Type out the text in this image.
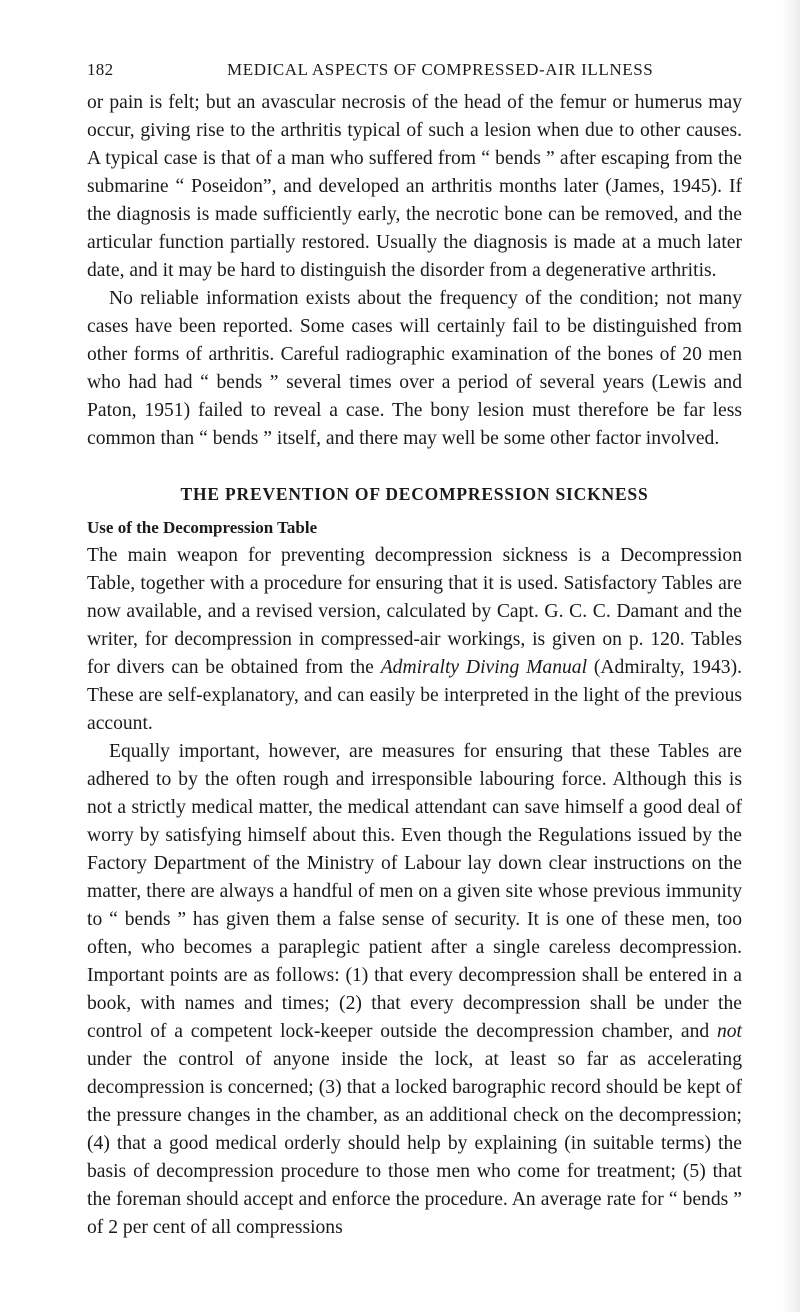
182	MEDICAL ASPECTS OF COMPRESSED-AIR ILLNESS

or pain is felt; but an avascular necrosis of the head of the femur or humerus may occur, giving rise to the arthritis typical of such a lesion when due to other causes. A typical case is that of a man who suffered from “ bends ” after escaping from the submarine “ Poseidon”, and developed an arthritis months later (James, 1945). If the diagnosis is made sufficiently early, the necrotic bone can be removed, and the articular function partially restored. Usually the diagnosis is made at a much later date, and it may be hard to distinguish the disorder from a degenerative arthritis.

No reliable information exists about the frequency of the condition; not many cases have been reported. Some cases will certainly fail to be distinguished from other forms of arthritis. Careful radiographic examination of the bones of 20 men who had had “ bends ” several times over a period of several years (Lewis and Paton, 1951) failed to reveal a case. The bony lesion must therefore be far less common than “ bends ” itself, and there may well be some other factor involved.

THE PREVENTION OF DECOMPRESSION SICKNESS
Use of the Decompression Table

The main weapon for preventing decompression sickness is a Decompression Table, together with a procedure for ensuring that it is used. Satisfactory Tables are now available, and a revised version, calculated by Capt. G. C. C. Damant and the writer, for decompression in compressed-air workings, is given on p. 120. Tables for divers can be obtained from the Admiralty Diving Manual (Admiralty, 1943). These are self-explanatory, and can easily be interpreted in the light of the previous account.

Equally important, however, are measures for ensuring that these Tables are adhered to by the often rough and irresponsible labouring force. Although this is not a strictly medical matter, the medical attendant can save himself a good deal of worry by satisfying himself about this. Even though the Regulations issued by the Factory Department of the Ministry of Labour lay down clear instructions on the matter, there are always a handful of men on a given site whose previous immunity to “ bends ” has given them a false sense of security. It is one of these men, too often, who becomes a paraplegic patient after a single careless decompression. Important points are as follows: (1) that every decompression shall be entered in a book, with names and times; (2) that every decompression shall be under the control of a competent lock-keeper outside the decompression chamber, and not under the control of anyone inside the lock, at least so far as accelerating decompression is concerned; (3) that a locked barographic record should be kept of the pressure changes in the chamber, as an additional check on the decompression; (4) that a good medical orderly should help by explaining (in suitable terms) the basis of decompression procedure to those men who come for treatment; (5) that the foreman should accept and enforce the procedure. An average rate for “ bends ” of 2 per cent of all compressions
